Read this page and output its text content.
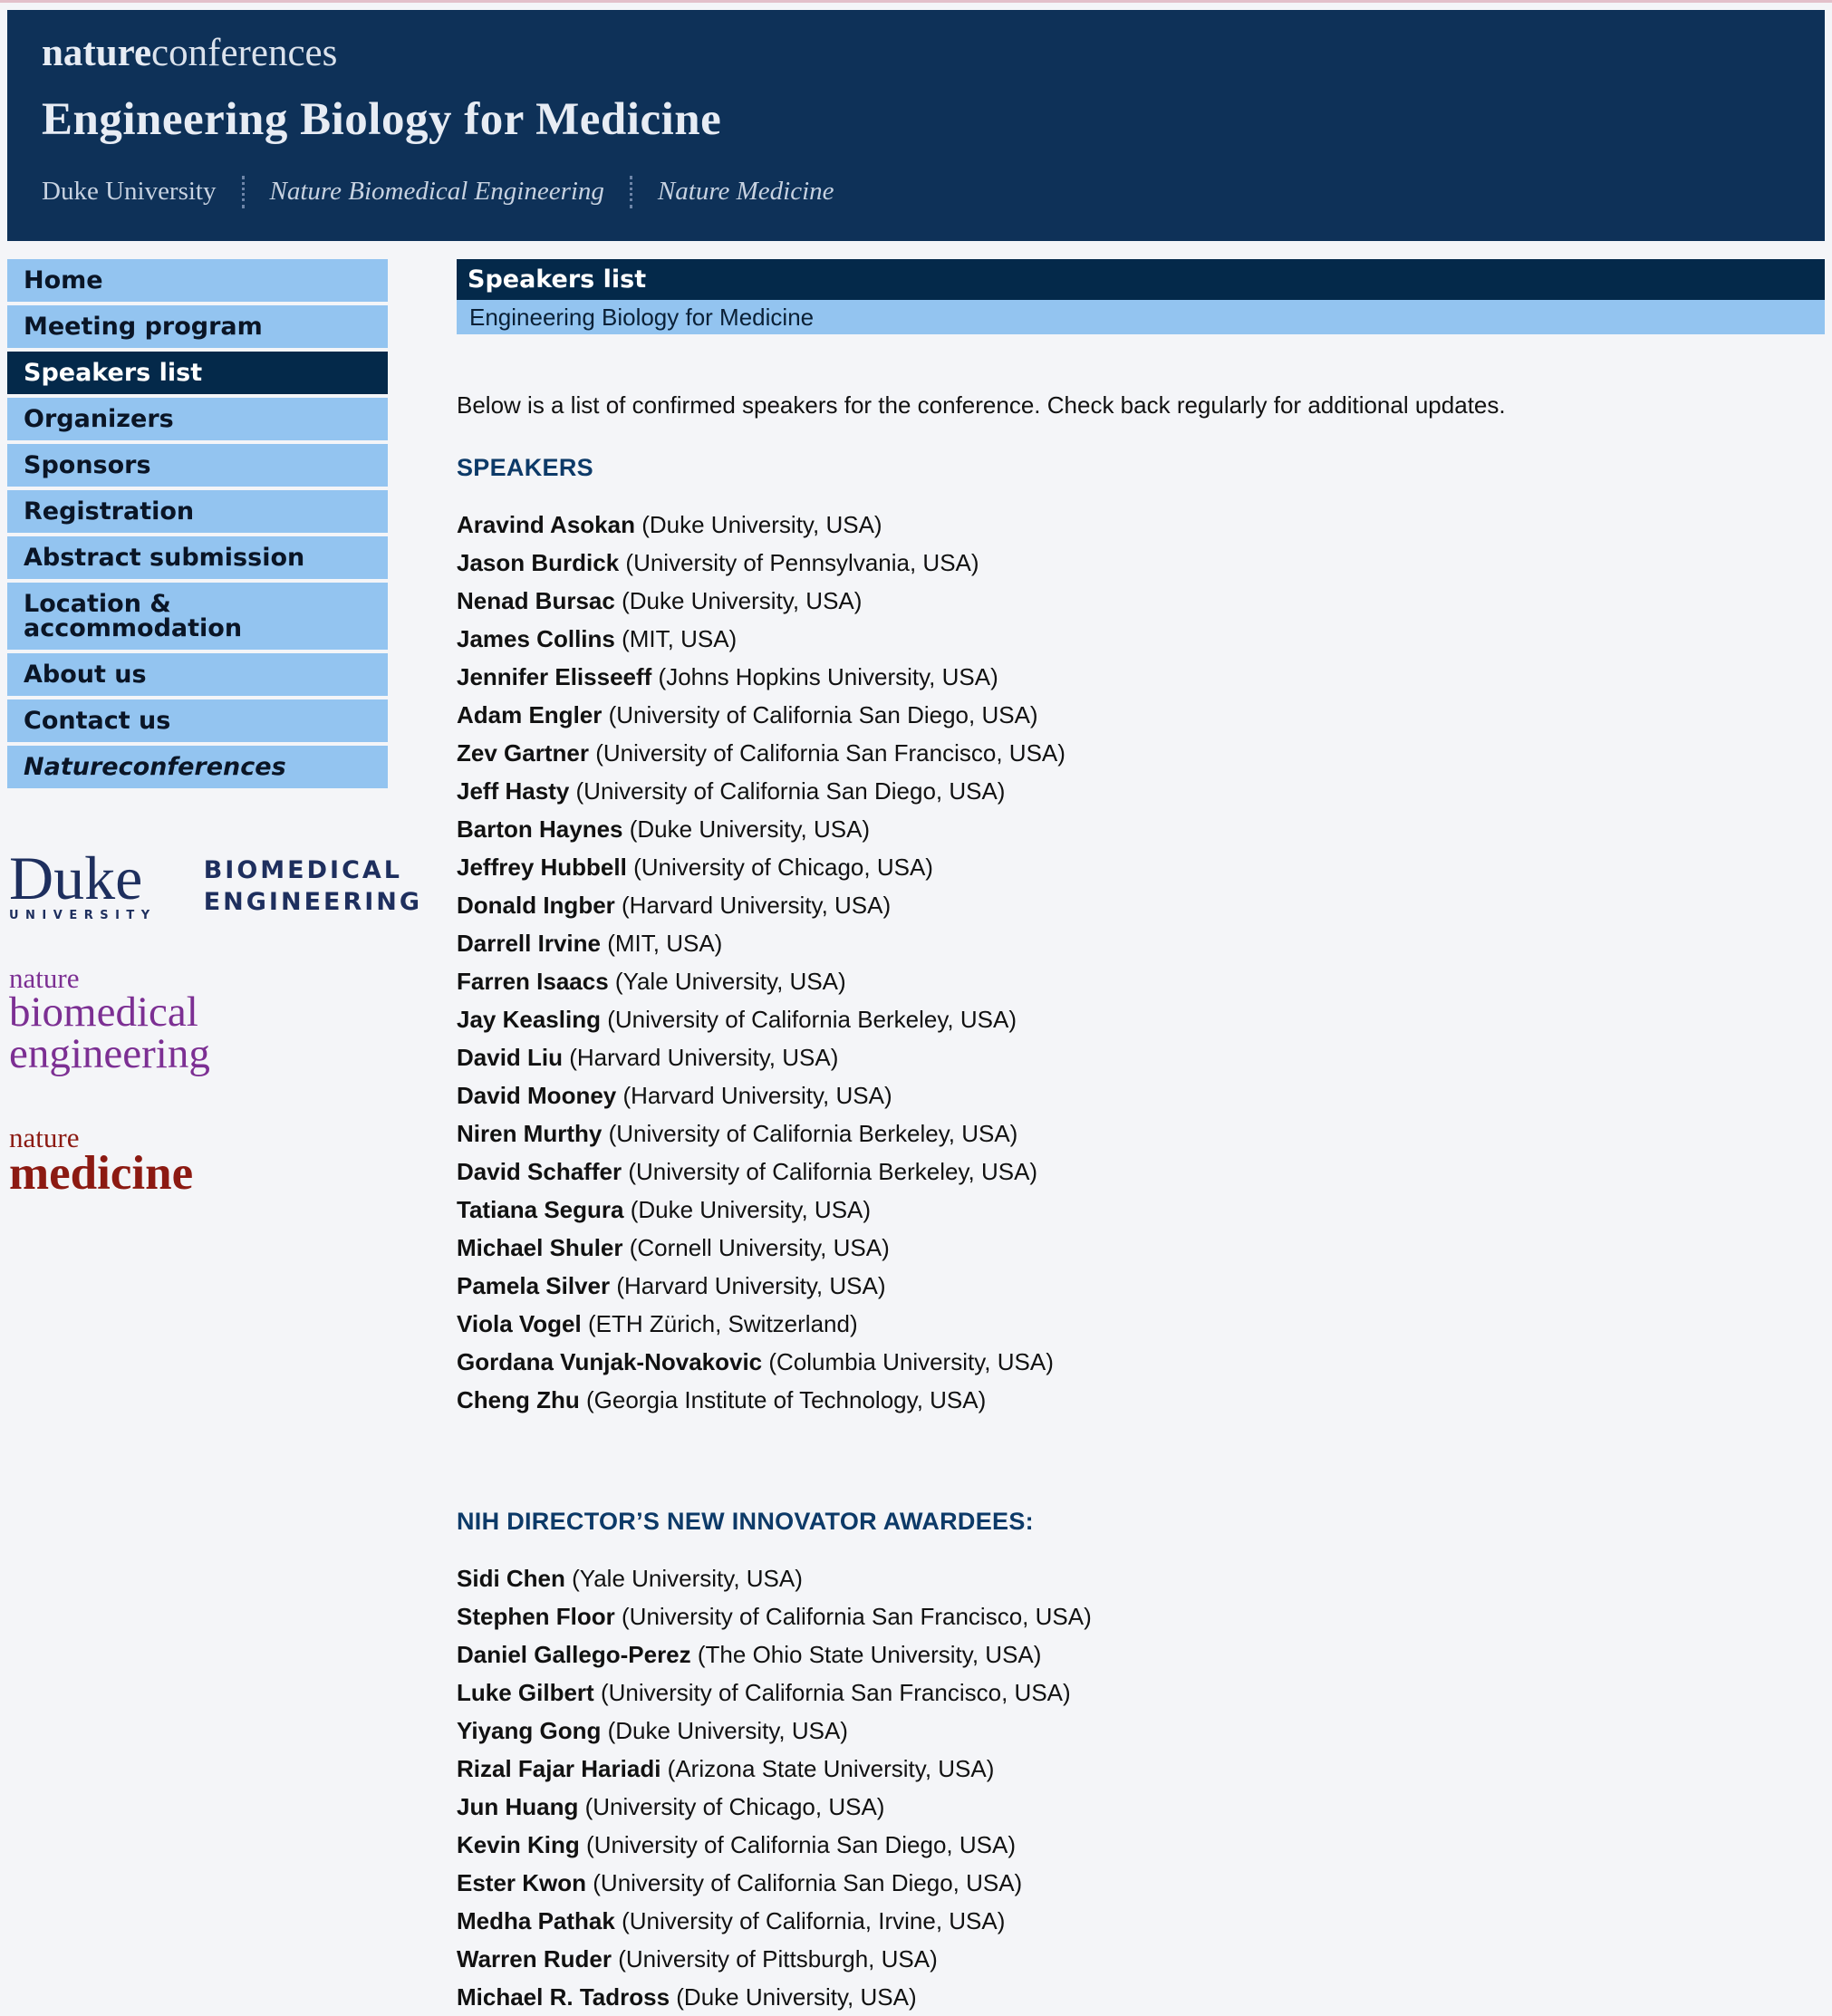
natureconferences
Engineering Biology for Medicine
Duke University Nature Biomedical Engineering Nature Medicine
Home
Meeting program
Speakers list
Organizers
Sponsors
Registration
Abstract submission
Location & accommodation
About us
Contact us
Natureconferences
Duke
UNIVERSITY
BIOMEDICAL
ENGINEERING
nature
biomedical engineering
nature
medicine
Speakers list
Engineering Biology for Medicine

Below is a list of confirmed speakers for the conference. Check back regularly for additional updates.

SPEAKERS
Aravind Asokan (Duke University, USA)
Jason Burdick (University of Pennsylvania, USA)
Nenad Bursac (Duke University, USA)
James Collins (MIT, USA)
Jennifer Elisseeff (Johns Hopkins University, USA)
Adam Engler (University of California San Diego, USA)
Zev Gartner (University of California San Francisco, USA)
Jeff Hasty (University of California San Diego, USA)
Barton Haynes (Duke University, USA)
Jeffrey Hubbell (University of Chicago, USA)
Donald Ingber (Harvard University, USA)
Darrell Irvine (MIT, USA)
Farren Isaacs (Yale University, USA)
Jay Keasling (University of California Berkeley, USA)
David Liu (Harvard University, USA)
David Mooney (Harvard University, USA)
Niren Murthy (University of California Berkeley, USA)
David Schaffer (University of California Berkeley, USA)
Tatiana Segura (Duke University, USA)
Michael Shuler (Cornell University, USA)
Pamela Silver (Harvard University, USA)
Viola Vogel (ETH Zürich, Switzerland)
Gordana Vunjak-Novakovic (Columbia University, USA)
Cheng Zhu (Georgia Institute of Technology, USA)
NIH DIRECTOR’S NEW INNOVATOR AWARDEES:
Sidi Chen (Yale University, USA)
Stephen Floor (University of California San Francisco, USA)
Daniel Gallego-Perez (The Ohio State University, USA)
Luke Gilbert (University of California San Francisco, USA)
Yiyang Gong (Duke University, USA)
Rizal Fajar Hariadi (Arizona State University, USA)
Jun Huang (University of Chicago, USA)
Kevin King (University of California San Diego, USA)
Ester Kwon (University of California San Diego, USA)
Medha Pathak (University of California, Irvine, USA)
Warren Ruder (University of Pittsburgh, USA)
Michael R. Tadross (Duke University, USA)
